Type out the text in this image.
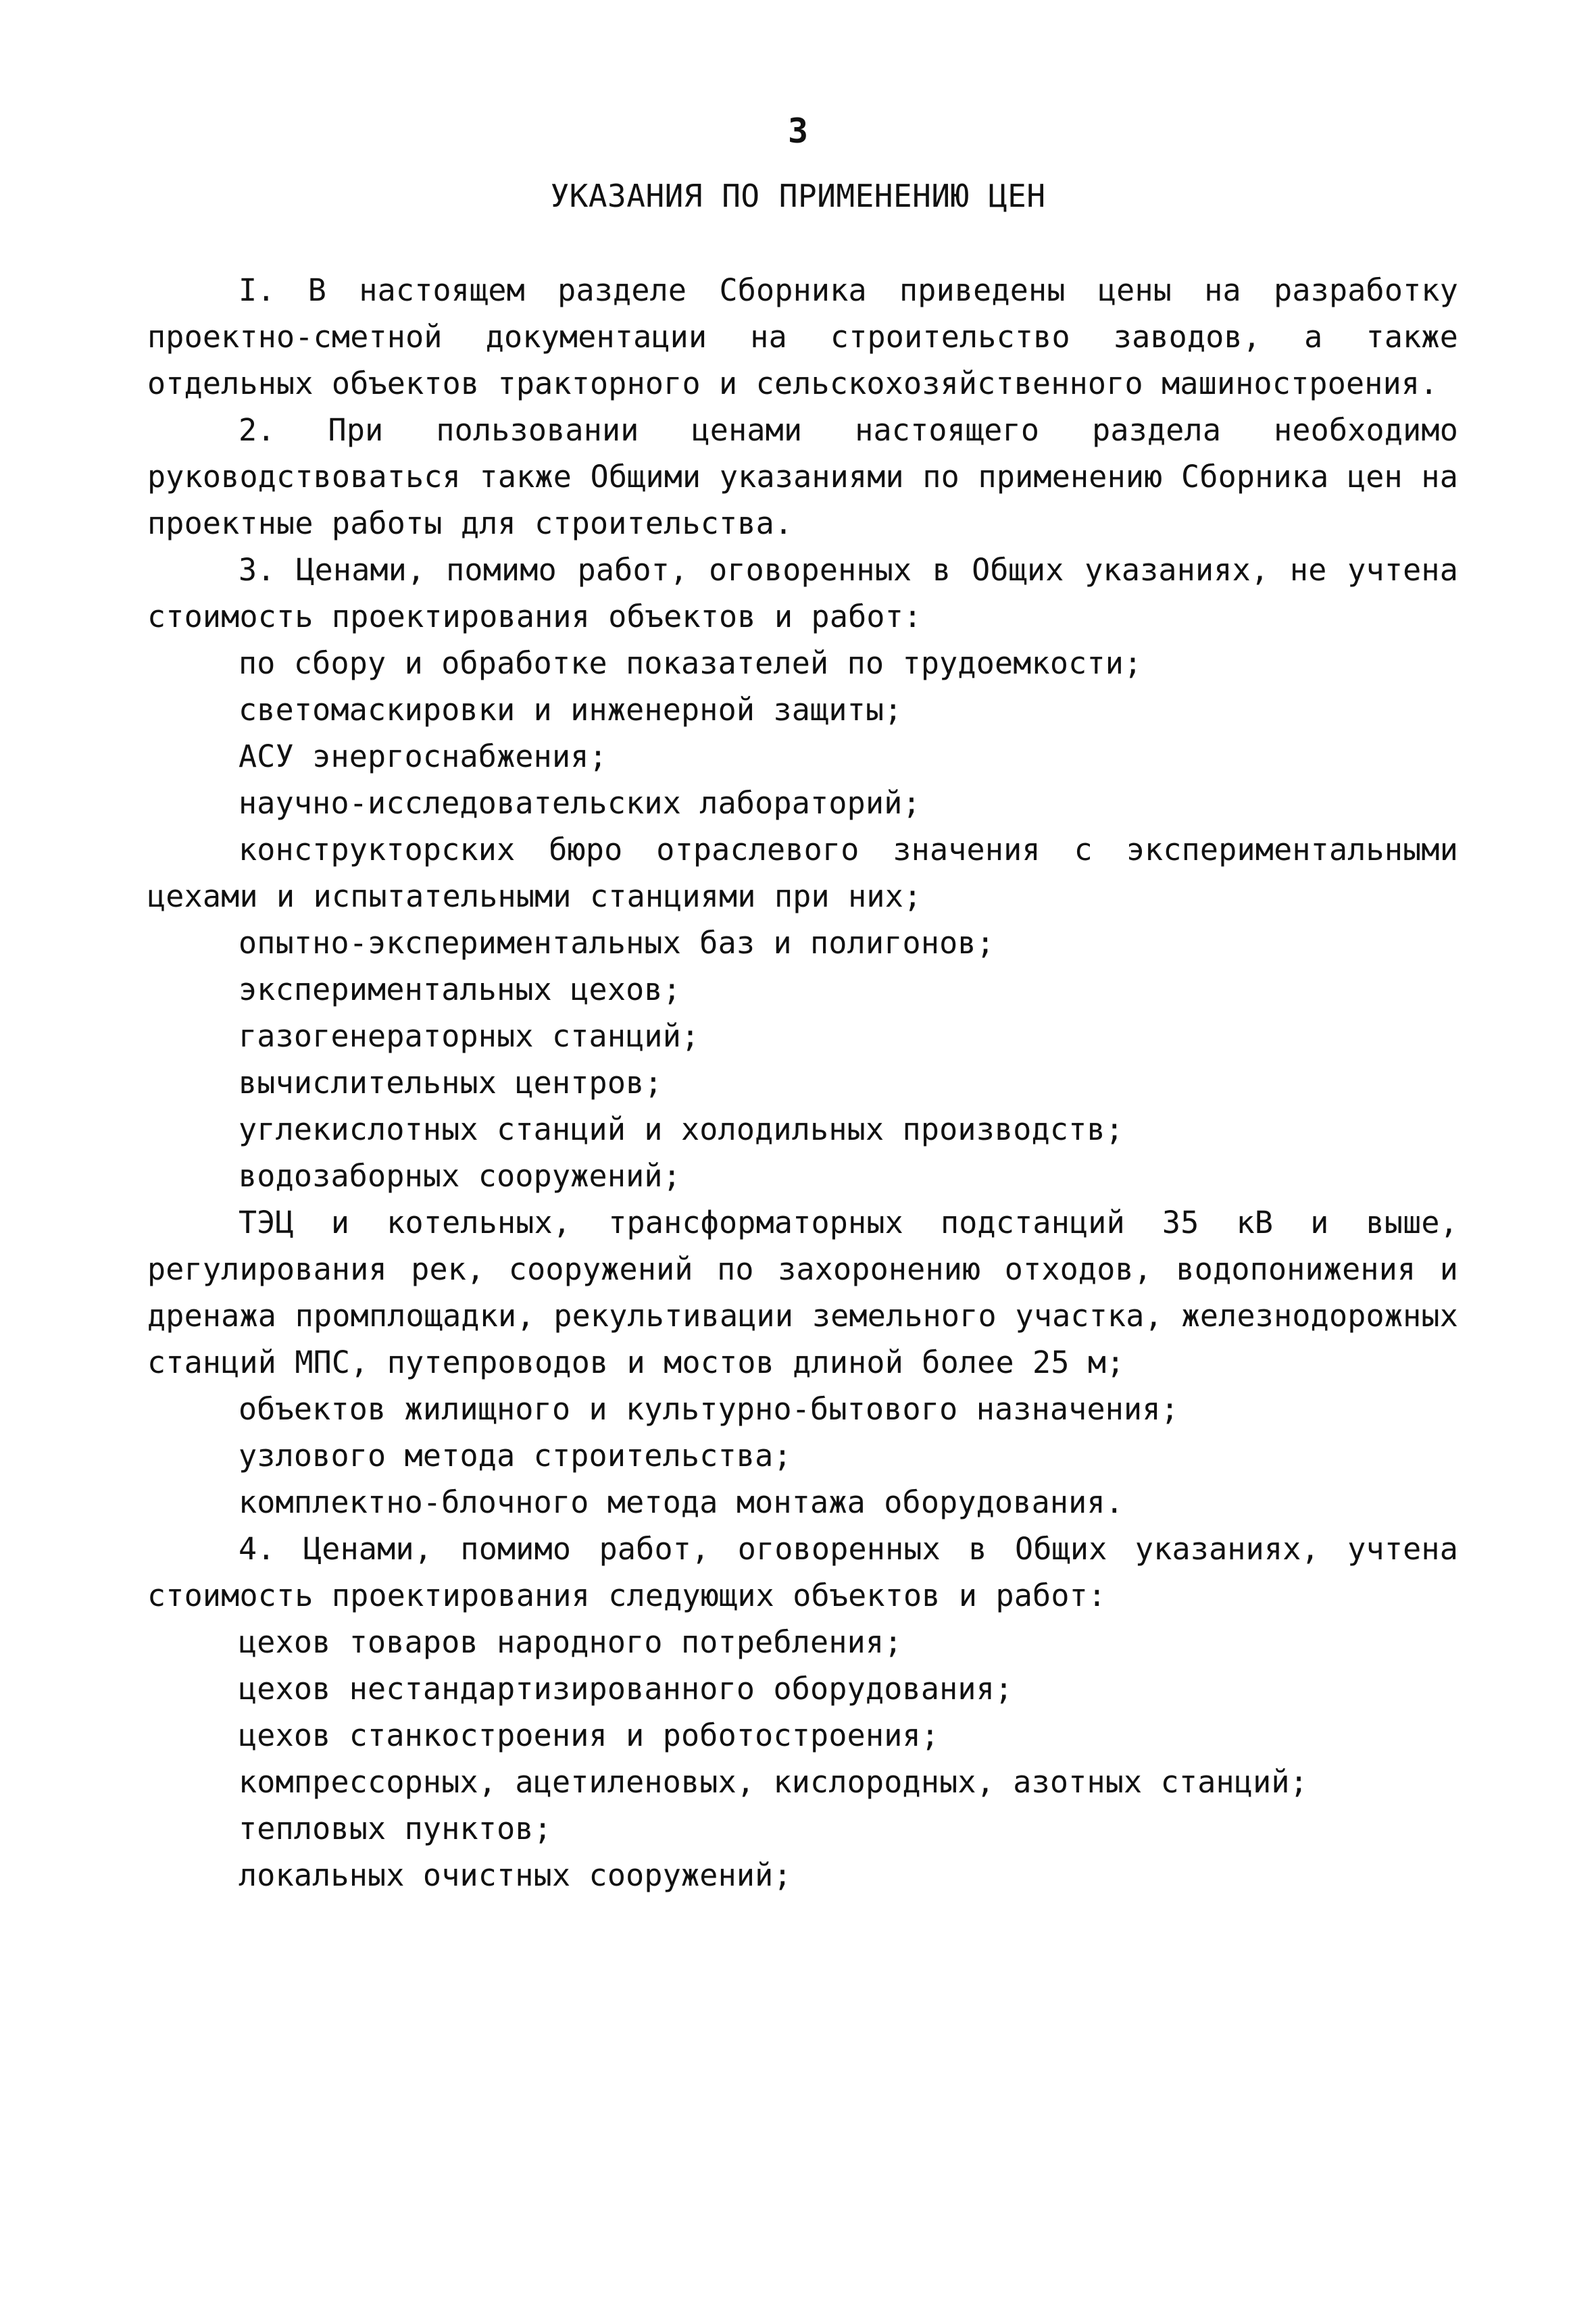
3
УКАЗАНИЯ ПО ПРИМЕНЕНИЮ ЦЕН

I. В настоящем разделе Сборника приведены цены на разработку проектно-сметной документации на строительство заводов, а также отдельных объектов тракторного и сельскохозяйственного машиностроения.

2. При пользовании ценами настоящего раздела необходимо руководствоваться также Общими указаниями по применению Сборника цен на проектные работы для строительства.

3. Ценами, помимо работ, оговоренных в Общих указаниях, не учтена стоимость проектирования объектов и работ:

по сбору и обработке показателей по трудоемкости;

светомаскировки и инженерной защиты;

АСУ энергоснабжения;

научно-исследовательских лабораторий;

конструкторских бюро отраслевого значения с экспериментальными цехами и испытательными станциями при них;

опытно-экспериментальных баз и полигонов;

экспериментальных цехов;

газогенераторных станций;

вычислительных центров;

углекислотных станций и холодильных производств;

водозаборных сооружений;

ТЭЦ и котельных, трансформаторных подстанций 35 кВ и выше, регулирования рек, сооружений по захоронению отходов, водопонижения и дренажа промплощадки, рекультивации земельного участка, железнодорожных станций МПС, путепроводов и мостов длиной более 25 м;

объектов жилищного и культурно-бытового назначения;

узлового метода строительства;

комплектно-блочного метода монтажа оборудования.

4. Ценами, помимо работ, оговоренных в Общих указаниях, учтена стоимость проектирования следующих объектов и работ:

цехов товаров народного потребления;

цехов нестандартизированного оборудования;

цехов станкостроения и роботостроения;

компрессорных, ацетиленовых, кислородных, азотных станций;

тепловых пунктов;

локальных очистных сооружений;
